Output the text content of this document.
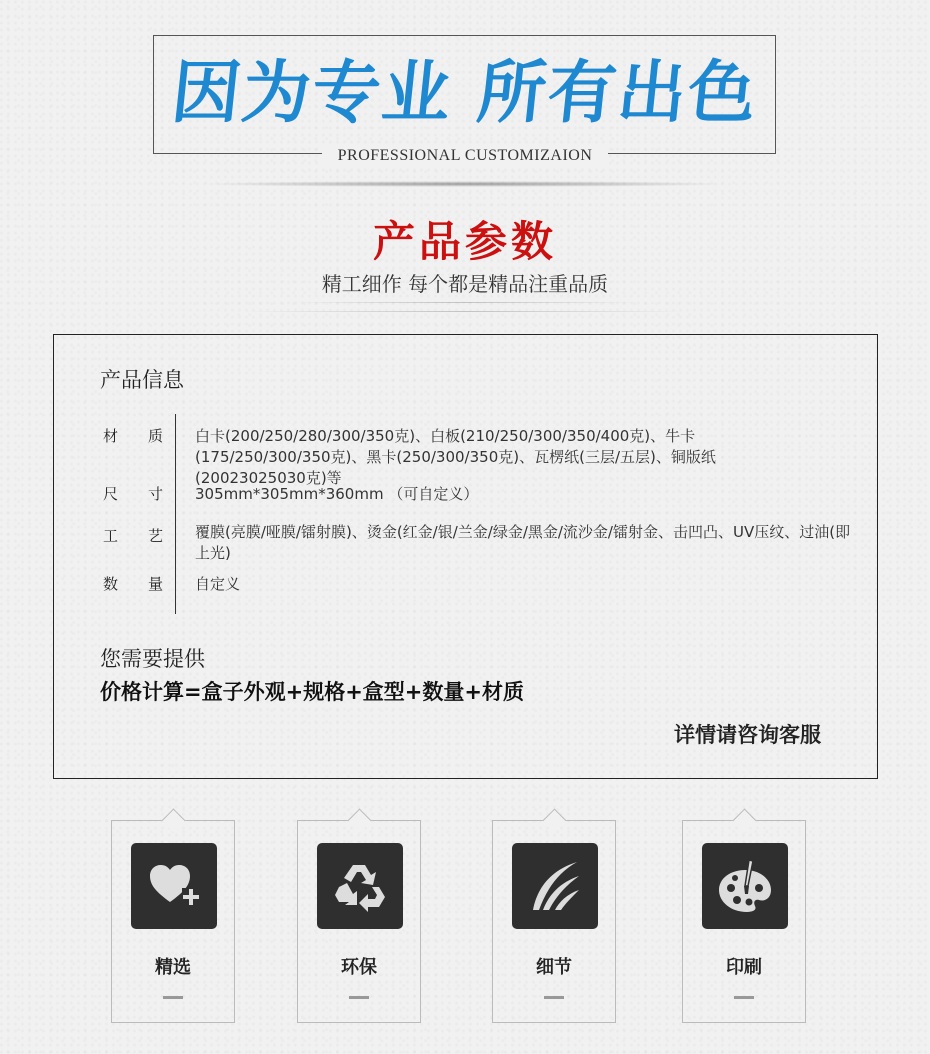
因为专业 所有出色
PROFESSIONAL CUSTOMIZAION
产品参数
精工细作 每个都是精品注重品质
产品信息
材 质 白卡(200/250/280/300/350克)、白板(210/250/300/350/400克)、牛卡(175/250/300/350克)、黑卡(250/300/350克)、瓦楞纸(三层/五层)、铜版纸(20023025030克)等
尺 寸 305mm*305mm*360mm （可自定义）
工 艺 覆膜(亮膜/哑膜/镭射膜)、烫金(红金/银/兰金/绿金/黑金/流沙金/镭射金、击凹凸、UV压纹、过油(即上光)
数 量 自定义
您需要提供
价格计算=盒子外观+规格+盒型+数量+材质
详情请咨询客服
精选	环保	细节	印刷
